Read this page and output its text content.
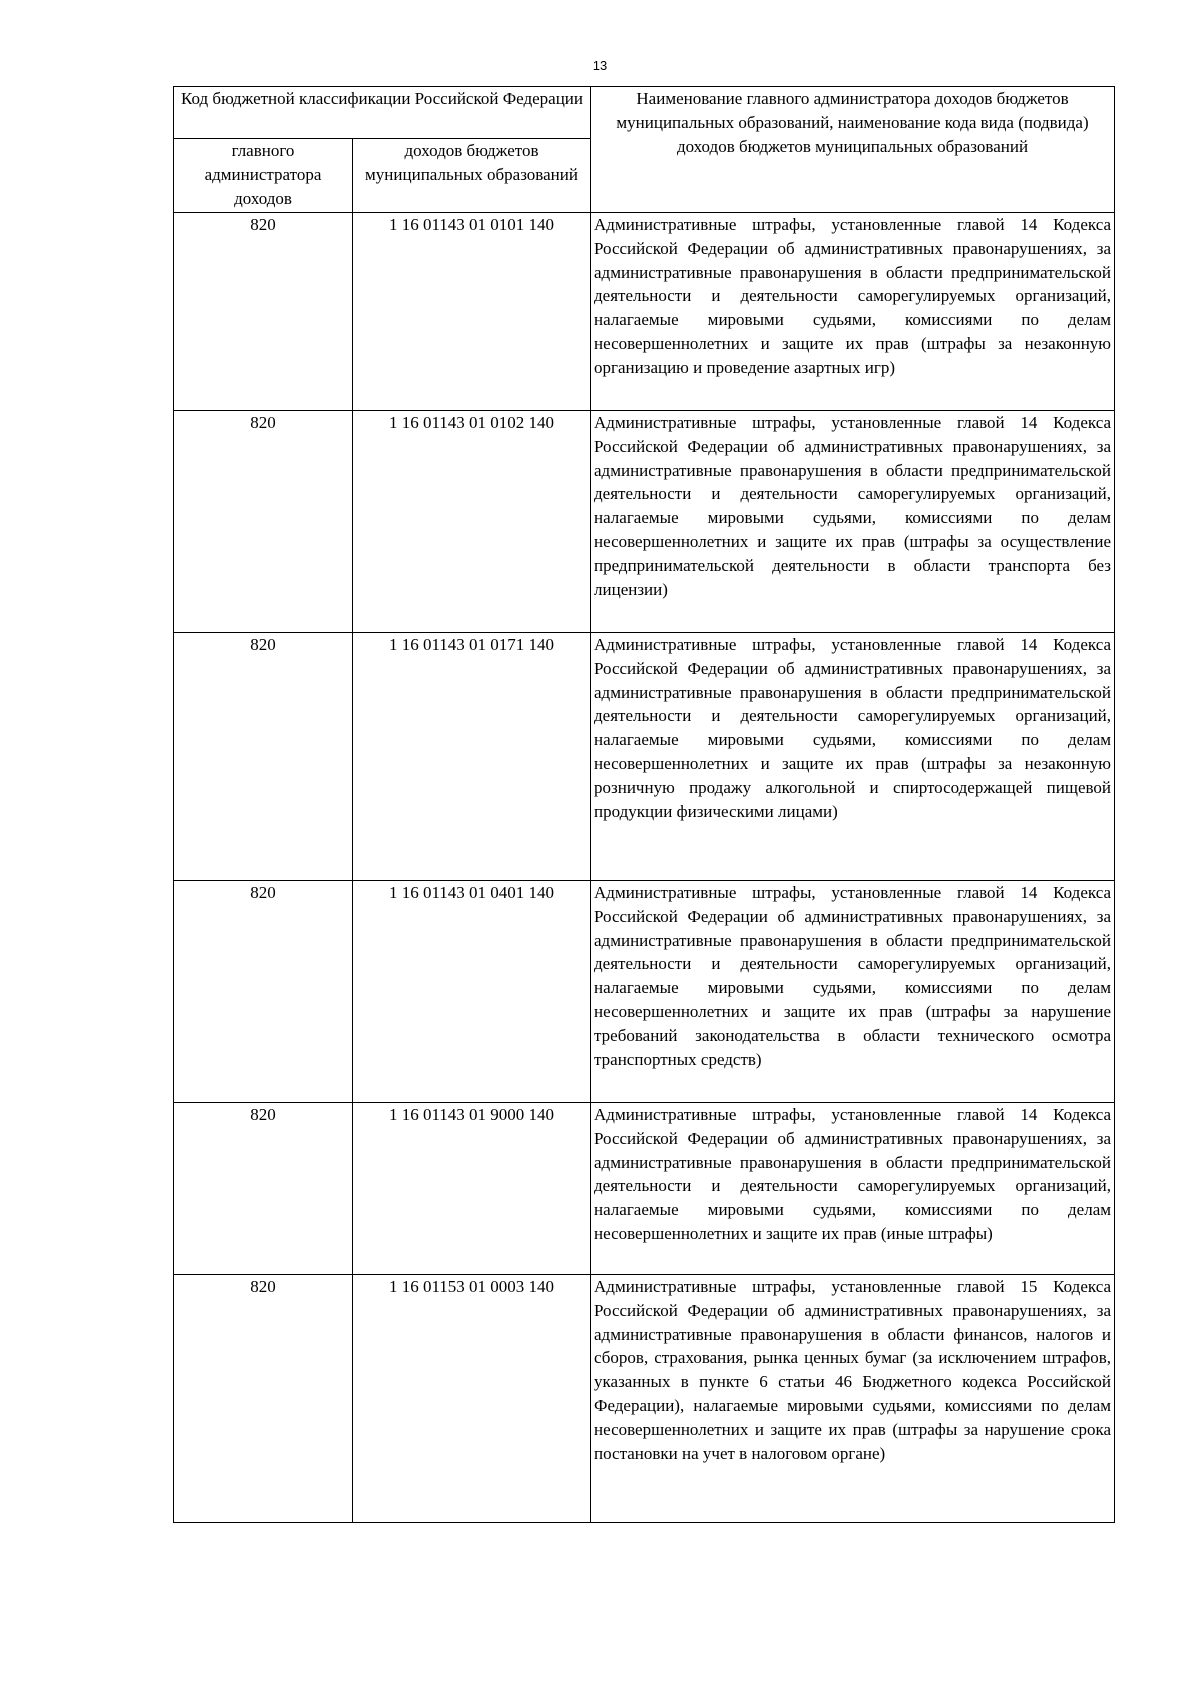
13
Код бюджетной классификации Российской Федерации		Наименование главного администратора доходов бюджетов муниципальных образований, наименование кода вида (подвида) доходов бюджетов муниципальных образований
главного администратора доходов	доходов бюджетов муниципальных образований	
820	1 16 01143 01 0101 140	Административные штрафы, установленные главой 14 Кодекса Российской Федерации об административных правонарушениях, за административные правонарушения в области предпринимательской деятельности и деятельности саморегулируемых организаций, налагаемые мировыми судьями, комиссиями по делам несовершеннолетних и защите их прав (штрафы за незаконную организацию и проведение азартных игр)
820	1 16 01143 01 0102 140	Административные штрафы, установленные главой 14 Кодекса Российской Федерации об административных правонарушениях, за административные правонарушения в области предпринимательской деятельности и деятельности саморегулируемых организаций, налагаемые мировыми судьями, комиссиями по делам несовершеннолетних и защите их прав (штрафы за осуществление предпринимательской деятельности в области транспорта без лицензии)
820	1 16 01143 01 0171 140	Административные штрафы, установленные главой 14 Кодекса Российской Федерации об административных правонарушениях, за административные правонарушения в области предпринимательской деятельности и деятельности саморегулируемых организаций, налагаемые мировыми судьями, комиссиями по делам несовершеннолетних и защите их прав (штрафы за незаконную розничную продажу алкогольной и спиртосодержащей пищевой продукции физическими лицами)
820	1 16 01143 01 0401 140	Административные штрафы, установленные главой 14 Кодекса Российской Федерации об административных правонарушениях, за административные правонарушения в области предпринимательской деятельности и деятельности саморегулируемых организаций, налагаемые мировыми судьями, комиссиями по делам несовершеннолетних и защите их прав (штрафы за нарушение требований законодательства в области технического осмотра транспортных средств)
820	1 16 01143 01 9000 140	Административные штрафы, установленные главой 14 Кодекса Российской Федерации об административных правонарушениях, за административные правонарушения в области предпринимательской деятельности и деятельности саморегулируемых организаций, налагаемые мировыми судьями, комиссиями по делам несовершеннолетних и защите их прав (иные штрафы)
820	1 16 01153 01 0003 140	Административные штрафы, установленные главой 15 Кодекса Российской Федерации об административных правонарушениях, за административные правонарушения в области финансов, налогов и сборов, страхования, рынка ценных бумаг (за исключением штрафов, указанных в пункте 6 статьи 46 Бюджетного кодекса Российской Федерации), налагаемые мировыми судьями, комиссиями по делам несовершеннолетних и защите их прав (штрафы за нарушение срока постановки на учет в налоговом органе)
